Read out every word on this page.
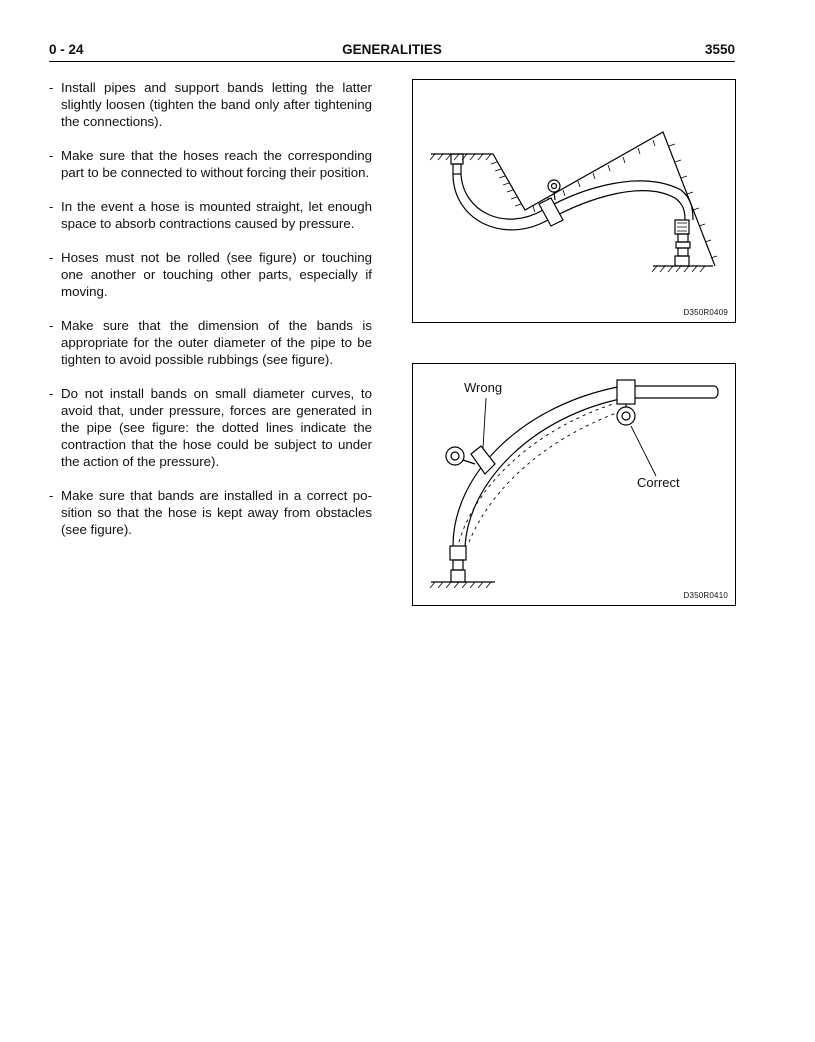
0 - 24	GENERALITIES	3550
- Install pipes and support bands letting the latter slightly loosen (tighten the band only after tightening the connections).
- Make sure that the hoses reach the corresponding part to be connected to without forcing their position.
- In the event a hose is mounted straight, let enough space to absorb contractions caused by pressure.
- Hoses must not be rolled (see figure) or touching one another or touching other parts, especially if moving.
- Make sure that the dimension of the bands is appropriate for the outer diameter of the pipe to be tighten to avoid possible rubbings (see figure).
- Do not install bands on small diameter curves, to avoid that, under pressure, forces are generated in the pipe (see figure: the dotted lines indicate the contraction that the hose could be subject to under the action of the pressure).
- Make sure that bands are installed in a correct position so that the hose is kept away from obstacles (see figure).
D350R0409
Wrong
Correct
D350R0410
